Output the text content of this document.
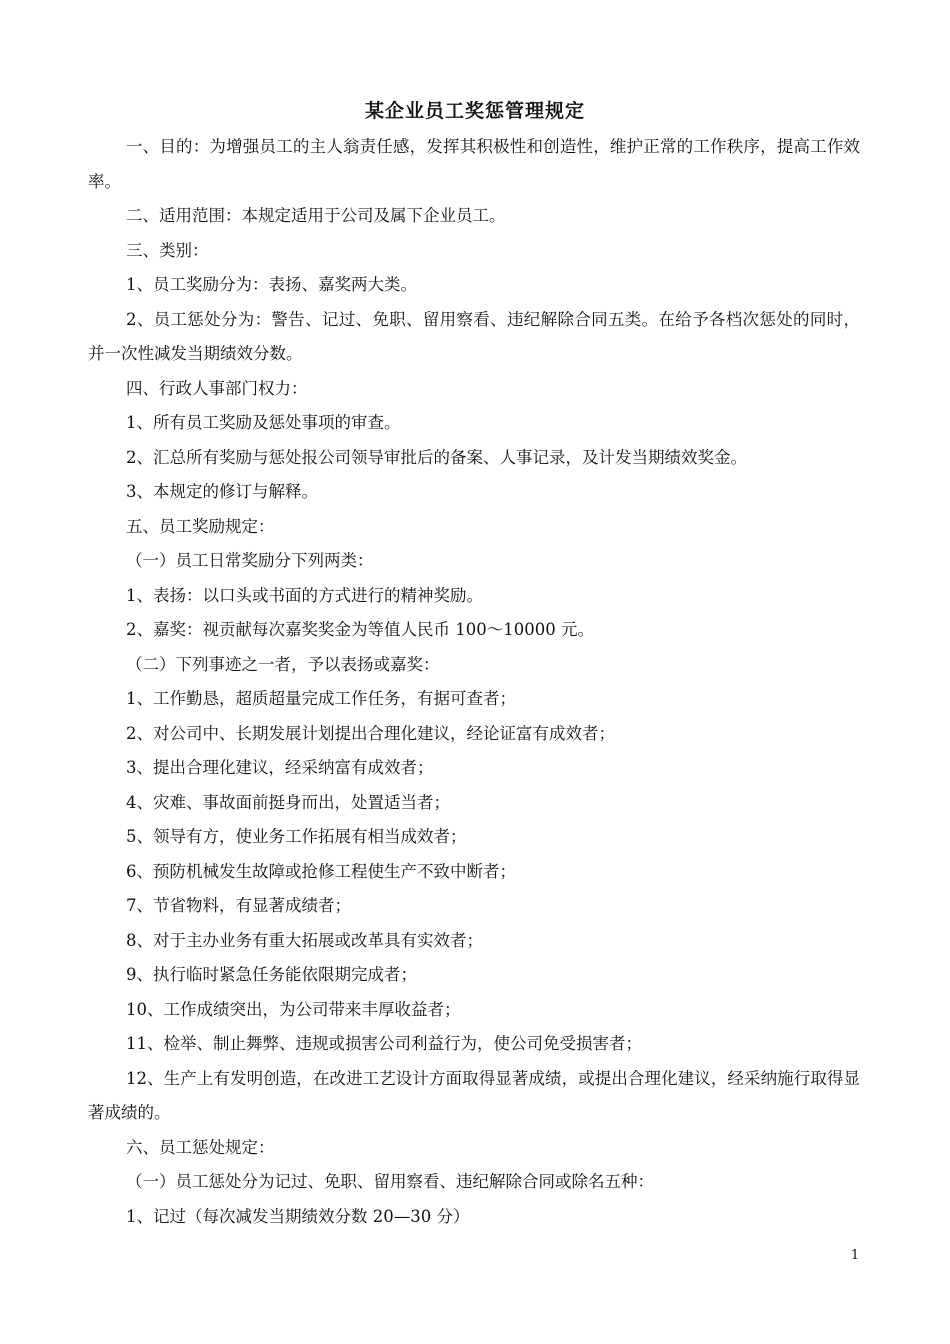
某企业员工奖惩管理规定

一、目的：为增强员工的主人翁责任感，发挥其积极性和创造性，维护正常的工作秩序，提高工作效率。

二、适用范围：本规定适用于公司及属下企业员工。

三、类别：

1、员工奖励分为：表扬、嘉奖两大类。

2、员工惩处分为：警告、记过、免职、留用察看、违纪解除合同五类。在给予各档次惩处的同时，并一次性减发当期绩效分数。

四、行政人事部门权力：

1、所有员工奖励及惩处事项的审查。

2、汇总所有奖励与惩处报公司领导审批后的备案、人事记录，及计发当期绩效奖金。

3、本规定的修订与解释。

五、员工奖励规定：

（一）员工日常奖励分下列两类：

1、表扬：以口头或书面的方式进行的精神奖励。

2、嘉奖：视贡献每次嘉奖奖金为等值人民币 100～10000 元。

（二）下列事迹之一者，予以表扬或嘉奖：

1、工作勤恳，超质超量完成工作任务，有据可查者；

2、对公司中、长期发展计划提出合理化建议，经论证富有成效者；

3、提出合理化建议，经采纳富有成效者；

4、灾难、事故面前挺身而出，处置适当者；

5、领导有方，使业务工作拓展有相当成效者；

6、预防机械发生故障或抢修工程使生产不致中断者；

7、节省物料，有显著成绩者；

8、对于主办业务有重大拓展或改革具有实效者；

9、执行临时紧急任务能依限期完成者；

10、工作成绩突出，为公司带来丰厚收益者；

11、检举、制止舞弊、违规或损害公司利益行为，使公司免受损害者；

12、生产上有发明创造，在改进工艺设计方面取得显著成绩，或提出合理化建议，经采纳施行取得显著成绩的。

六、员工惩处规定：

（一）员工惩处分为记过、免职、留用察看、违纪解除合同或除名五种：

1、记过（每次减发当期绩效分数 20—30 分）

1
